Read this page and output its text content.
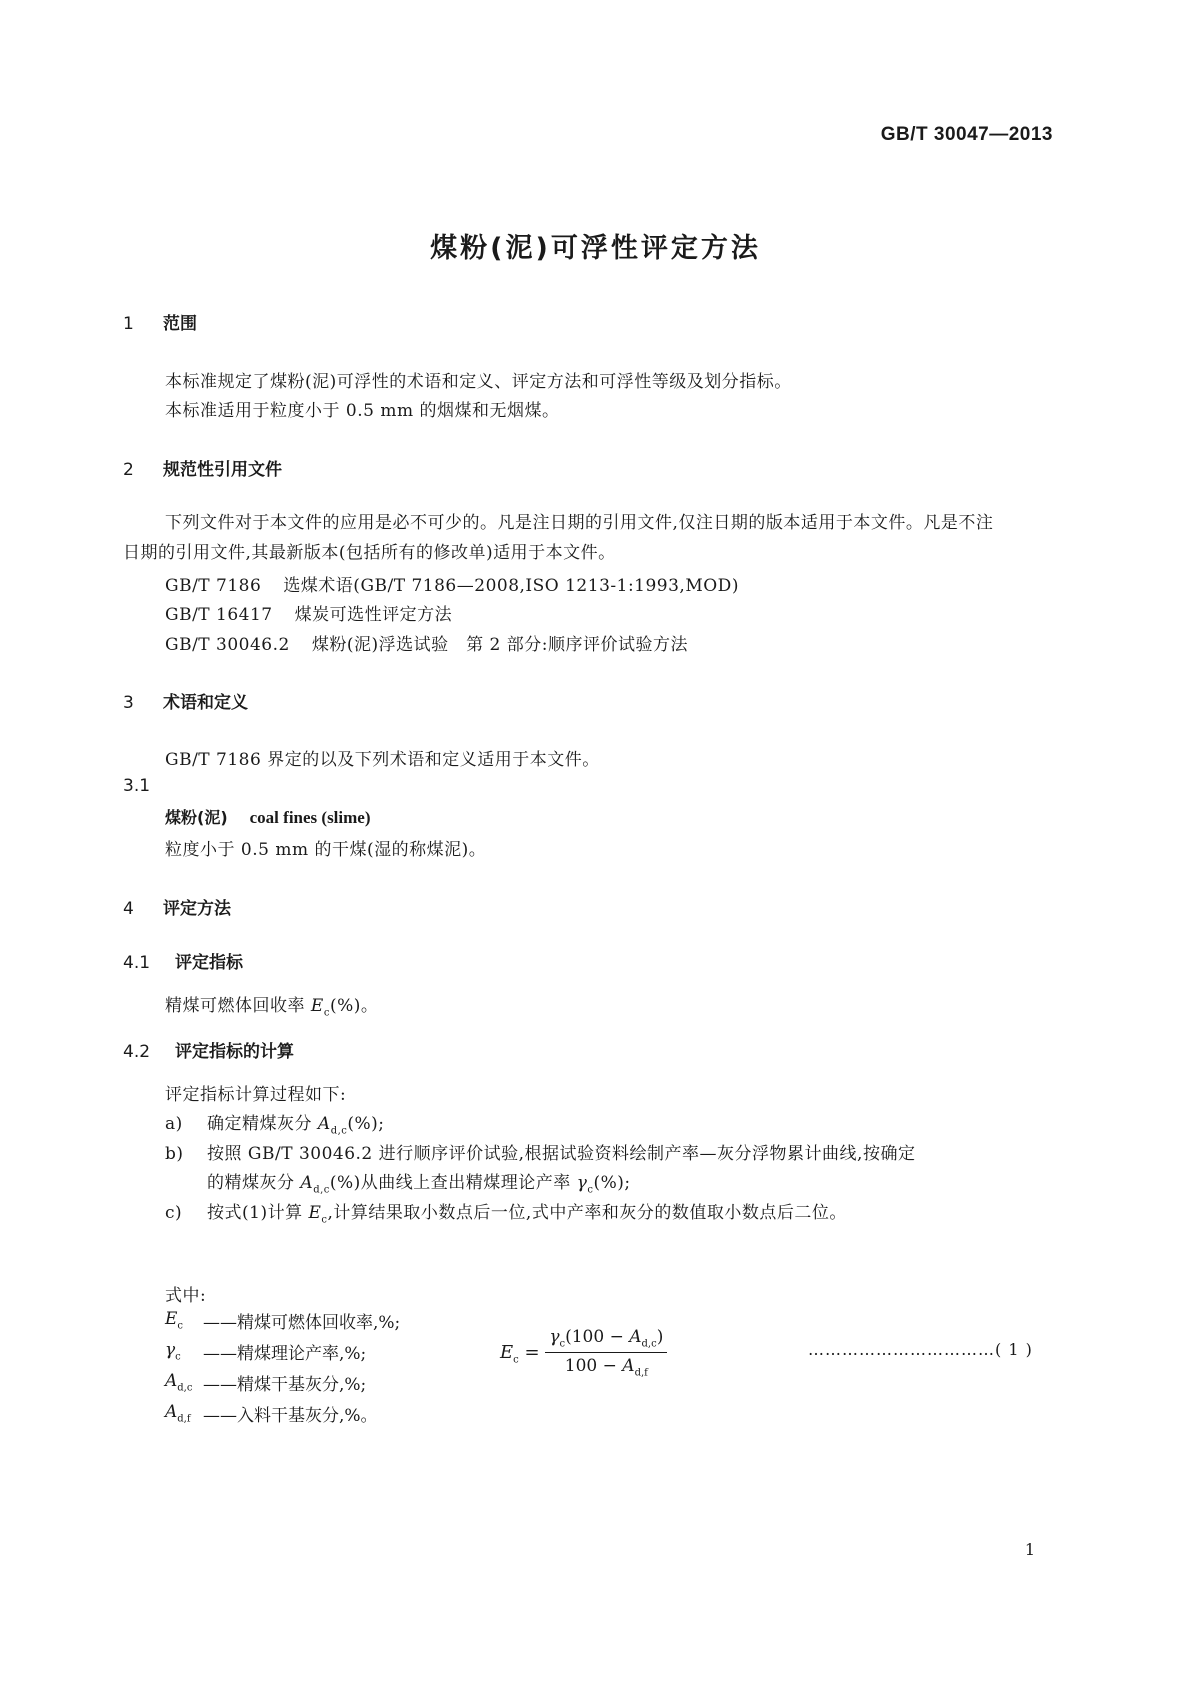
GB/T 30047—2013
煤粉(泥)可浮性评定方法
1 范围
本标准规定了煤粉(泥)可浮性的术语和定义、评定方法和可浮性等级及划分指标。
本标准适用于粒度小于 0.5 mm 的烟煤和无烟煤。
2 规范性引用文件
下列文件对于本文件的应用是必不可少的。凡是注日期的引用文件,仅注日期的版本适用于本文件。凡是不注日期的引用文件,其最新版本(包括所有的修改单)适用于本文件。
GB/T 7186 选煤术语(GB/T 7186—2008,ISO 1213-1:1993,MOD)
GB/T 16417 煤炭可选性评定方法
GB/T 30046.2 煤粉(泥)浮选试验　第 2 部分:顺序评价试验方法
3 术语和定义
GB/T 7186 界定的以及下列术语和定义适用于本文件。
3.1
煤粉(泥) coal fines (slime)
粒度小于 0.5 mm 的干煤(湿的称煤泥)。
4 评定方法
4.1 评定指标
精煤可燃体回收率 $E_c(\%)$。
4.2 评定指标的计算
评定指标计算过程如下:
a) 确定精煤灰分 $A_{d,c}(\%)$;
b) 按照 GB/T 30046.2 进行顺序评价试验,根据试验资料绘制产率—灰分浮物累计曲线,按确定
的精煤灰分 $A_{d,c}(\%)$从曲线上查出精煤理论产率 $\gamma_c(\%)$;
c) 按式(1)计算 $E_c$,计算结果取小数点后一位,式中产率和灰分的数值取小数点后二位。
$E_c = \frac{\gamma_c(100 - A_{d,c})}{100 - A_{d,f}}$	……………………………( 1 )
式中:
$E_c$	——精煤可燃体回收率,%;
$\gamma_c$	——精煤理论产率,%;
$A_{d,c}$	——精煤干基灰分,%;
$A_{d,f}$	——入料干基灰分,%。
1
